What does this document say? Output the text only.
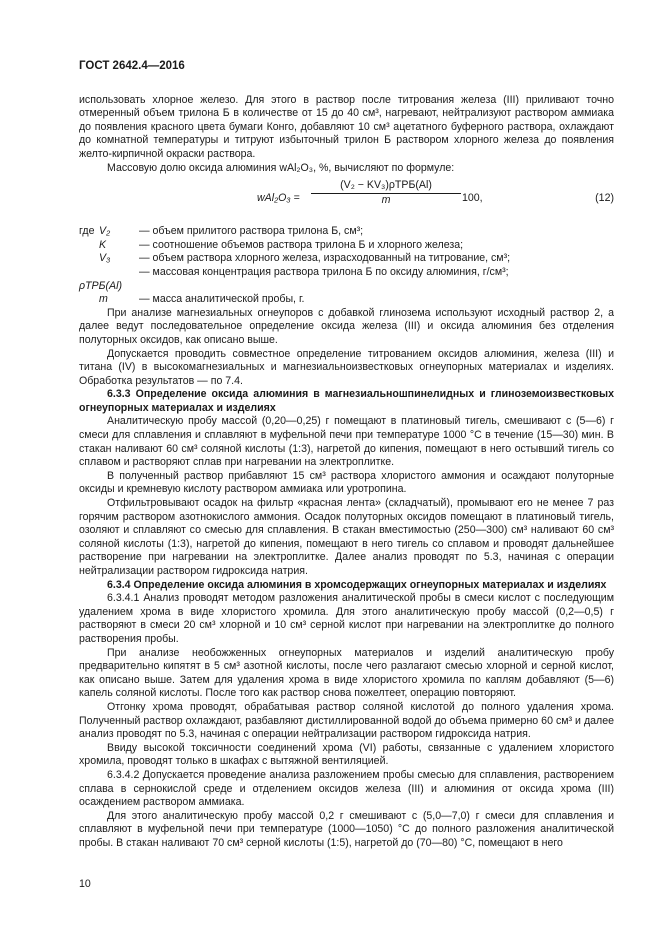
ГОСТ 2642.4—2016

использовать хлорное железо. Для этого в раствор после титрования железа (III) приливают точно отмеренный объем трилона Б в количестве от 15 до 40 см³, нагревают, нейтрализуют раствором аммиака до появления красного цвета бумаги Конго, добавляют 10 см³ ацетатного буферного раствора, охлаждают до комнатной температуры и титруют избыточный трилон Б раствором хлорного железа до появления желто-кирпичной окраски раствора.

Массовую долю оксида алюминия wAl₂O₃, %, вычисляют по формуле:

wAl₂O₃ =
(V₂ − KV₃)ρТРБ(Al)
m	100,	(12)
где V₂	— объем прилитого раствора трилона Б, см³;
K	— соотношение объемов раствора трилона Б и хлорного железа;
V₃	— объем раствора хлорного железа, израсходованный на титрование, см³;
ρТРБ(Al)
— массовая концентрация раствора трилона Б по оксиду алюминия, г/см³;
m	— масса аналитической пробы, г.

При анализе магнезиальных огнеупоров с добавкой глинозема используют исходный раствор 2, а далее ведут последовательное определение оксида железа (III) и оксида алюминия без отделения полуторных оксидов, как описано выше.

Допускается проводить совместное определение титрованием оксидов алюминия, железа (III) и титана (IV) в высокомагнезиальных и магнезиальноизвестковых огнеупорных материалах и изделиях. Обработка результатов — по 7.4.

6.3.3 Определение оксида алюминия в магнезиальношпинелидных и глиноземоизвестковых огнеупорных материалах и изделиях

Аналитическую пробу массой (0,20—0,25) г помещают в платиновый тигель, смешивают с (5—6) г смеси для сплавления и сплавляют в муфельной печи при температуре 1000 °С в течение (15—30) мин. В стакан наливают 60 см³ соляной кислоты (1:3), нагретой до кипения, помещают в него остывший тигель со сплавом и растворяют сплав при нагревании на электроплитке.

В полученный раствор прибавляют 15 см³ раствора хлористого аммония и осаждают полуторные оксиды и кремневую кислоту раствором аммиака или уротропина.

Отфильтровывают осадок на фильтр «красная лента» (складчатый), промывают его не менее 7 раз горячим раствором азотнокислого аммония. Осадок полуторных оксидов помещают в платиновый тигель, озоляют и сплавляют со смесью для сплавления. В стакан вместимостью (250—300) см³ наливают 60 см³ соляной кислоты (1:3), нагретой до кипения, помещают в него тигель со сплавом и проводят дальнейшее растворение при нагревании на электроплитке. Далее анализ проводят по 5.3, начиная с операции нейтрализации раствором гидроксида натрия.

6.3.4 Определение оксида алюминия в хромсодержащих огнеупорных материалах и изделиях

6.3.4.1 Анализ проводят методом разложения аналитической пробы в смеси кислот с последующим удалением хрома в виде хлористого хромила. Для этого аналитическую пробу массой (0,2—0,5) г растворяют в смеси 20 см³ хлорной и 10 см³ серной кислот при нагревании на электроплитке до полного растворения пробы.

При анализе необожженных огнеупорных материалов и изделий аналитическую пробу предварительно кипятят в 5 см³ азотной кислоты, после чего разлагают смесью хлорной и серной кислот, как описано выше. Затем для удаления хрома в виде хлористого хромила по каплям добавляют (5—6) капель соляной кислоты. После того как раствор снова пожелтеет, операцию повторяют.

Отгонку хрома проводят, обрабатывая раствор соляной кислотой до полного удаления хрома. Полученный раствор охлаждают, разбавляют дистиллированной водой до объема примерно 60 см³ и далее анализ проводят по 5.3, начиная с операции нейтрализации раствором гидроксида натрия.

Ввиду высокой токсичности соединений хрома (VI) работы, связанные с удалением хлористого хромила, проводят только в шкафах с вытяжной вентиляцией.

6.3.4.2 Допускается проведение анализа разложением пробы смесью для сплавления, растворением сплава в сернокислой среде и отделением оксидов железа (III) и алюминия от оксида хрома (III) осаждением раствором аммиака.

Для этого аналитическую пробу массой 0,2 г смешивают с (5,0—7,0) г смеси для сплавления и сплавляют в муфельной печи при температуре (1000—1050) °С до полного разложения аналитической пробы. В стакан наливают 70 см³ серной кислоты (1:5), нагретой до (70—80) °С, помещают в него

10
